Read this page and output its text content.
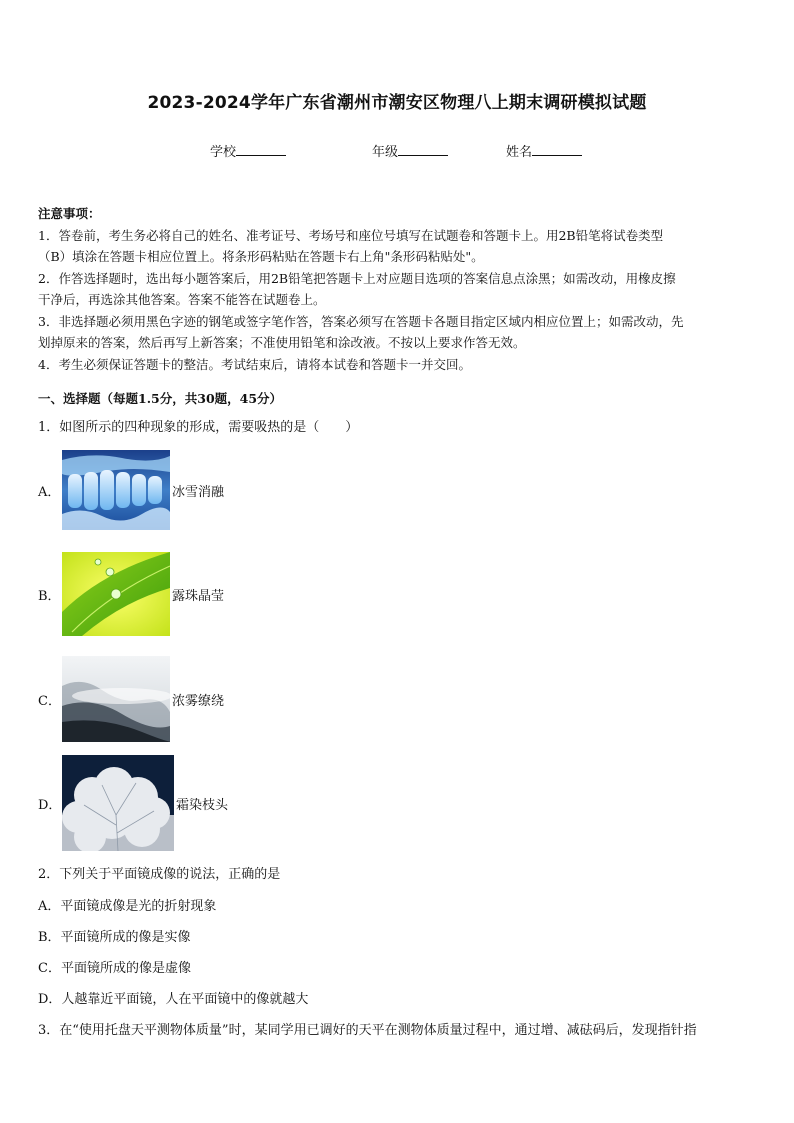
2023-2024学年广东省潮州市潮安区物理八上期末调研模拟试题
学校	年级	姓名

注意事项：

1．答卷前，考生务必将自己的姓名、准考证号、考场号和座位号填写在试题卷和答题卡上。用2B铅笔将试卷类型

（B）填涂在答题卡相应位置上。将条形码粘贴在答题卡右上角"条形码粘贴处"。

2．作答选择题时，选出每小题答案后，用2B铅笔把答题卡上对应题目选项的答案信息点涂黑；如需改动，用橡皮擦

干净后，再选涂其他答案。答案不能答在试题卷上。

3．非选择题必须用黑色字迹的钢笔或签字笔作答，答案必须写在答题卡各题目指定区域内相应位置上；如需改动，先

划掉原来的答案，然后再写上新答案；不准使用铅笔和涂改液。不按以上要求作答无效。

4．考生必须保证答题卡的整洁。考试结束后，请将本试卷和答题卡一并交回。

一、选择题（每题1.5分，共30题，45分）
1．如图所示的四种现象的形成，需要吸热的是（　　）
A．	冰雪消融
B．	露珠晶莹
C．	浓雾缭绕
D．	霜染枝头
2．下列关于平面镜成像的说法，正确的是
A．平面镜成像是光的折射现象
B．平面镜所成的像是实像
C．平面镜所成的像是虚像
D．人越靠近平面镜，人在平面镜中的像就越大
3．在“使用托盘天平测物体质量”时，某同学用已调好的天平在测物体质量过程中，通过增、减砝码后，发现指针指
